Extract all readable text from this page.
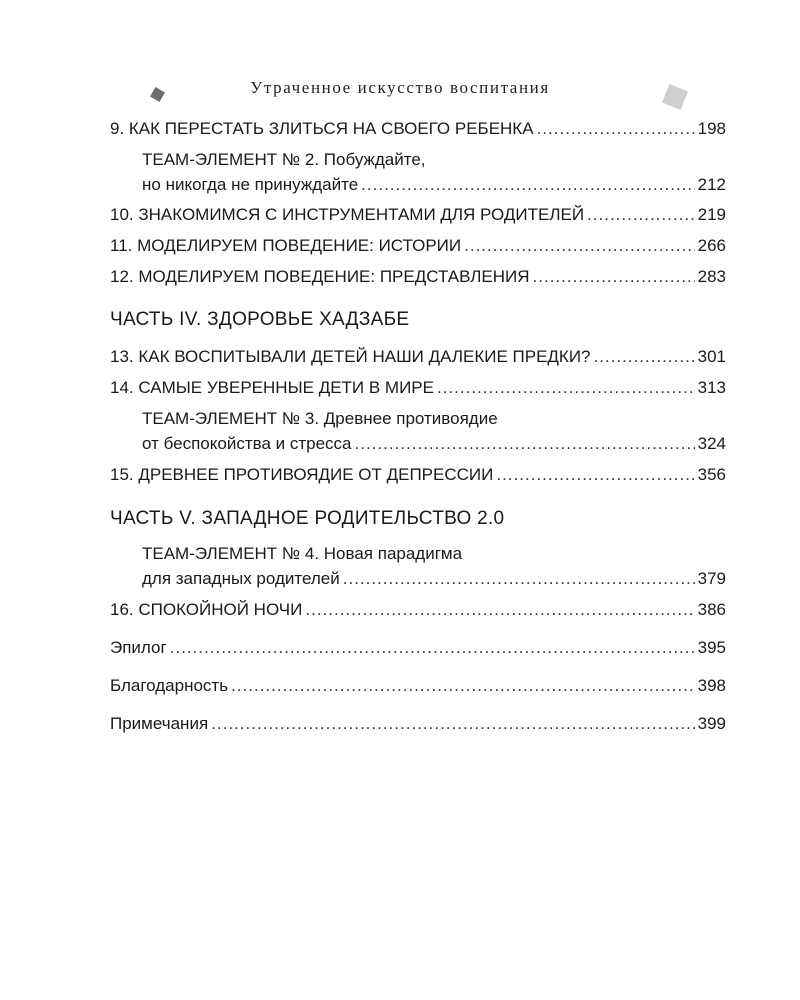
Утраченное искусство воспитания
9. КАК ПЕРЕСТАТЬ ЗЛИТЬСЯ НА СВОЕГО РЕБЕНКА .....	198
TEAM-ЭЛЕМЕНТ № 2. Побуждайте,
но никогда не принуждайте .....	212
10. ЗНАКОМИМСЯ С ИНСТРУМЕНТАМИ ДЛЯ РОДИТЕЛЕЙ .....	219
11. МОДЕЛИРУЕМ ПОВЕДЕНИЕ: ИСТОРИИ .....	266
12. МОДЕЛИРУЕМ ПОВЕДЕНИЕ: ПРЕДСТАВЛЕНИЯ .....	283
ЧАСТЬ IV. ЗДОРОВЬЕ ХАДЗАБЕ
13. КАК ВОСПИТЫВАЛИ ДЕТЕЙ НАШИ ДАЛЕКИЕ ПРЕДКИ? .....	301
14. САМЫЕ УВЕРЕННЫЕ ДЕТИ В МИРЕ .....	313
TEAM-ЭЛЕМЕНТ № 3. Древнее противоядие
от беспокойства и стресса .....	324
15. ДРЕВНЕЕ ПРОТИВОЯДИЕ ОТ ДЕПРЕССИИ .....	356
ЧАСТЬ V. ЗАПАДНОЕ РОДИТЕЛЬСТВО 2.0
TEAM-ЭЛЕМЕНТ № 4. Новая парадигма
для западных родителей .....	379
16. СПОКОЙНОЙ НОЧИ .....	386
Эпилог .....	395
Благодарность .....	398
Примечания .....	399
